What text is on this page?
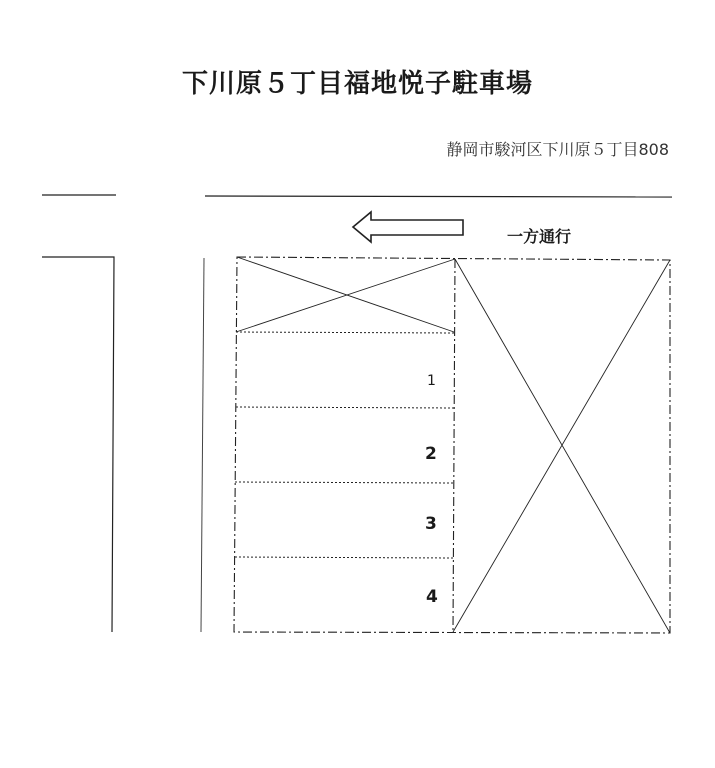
下川原５丁目福地悦子駐車場
静岡市駿河区下川原５丁目808
一方通行
1
2
3
4
